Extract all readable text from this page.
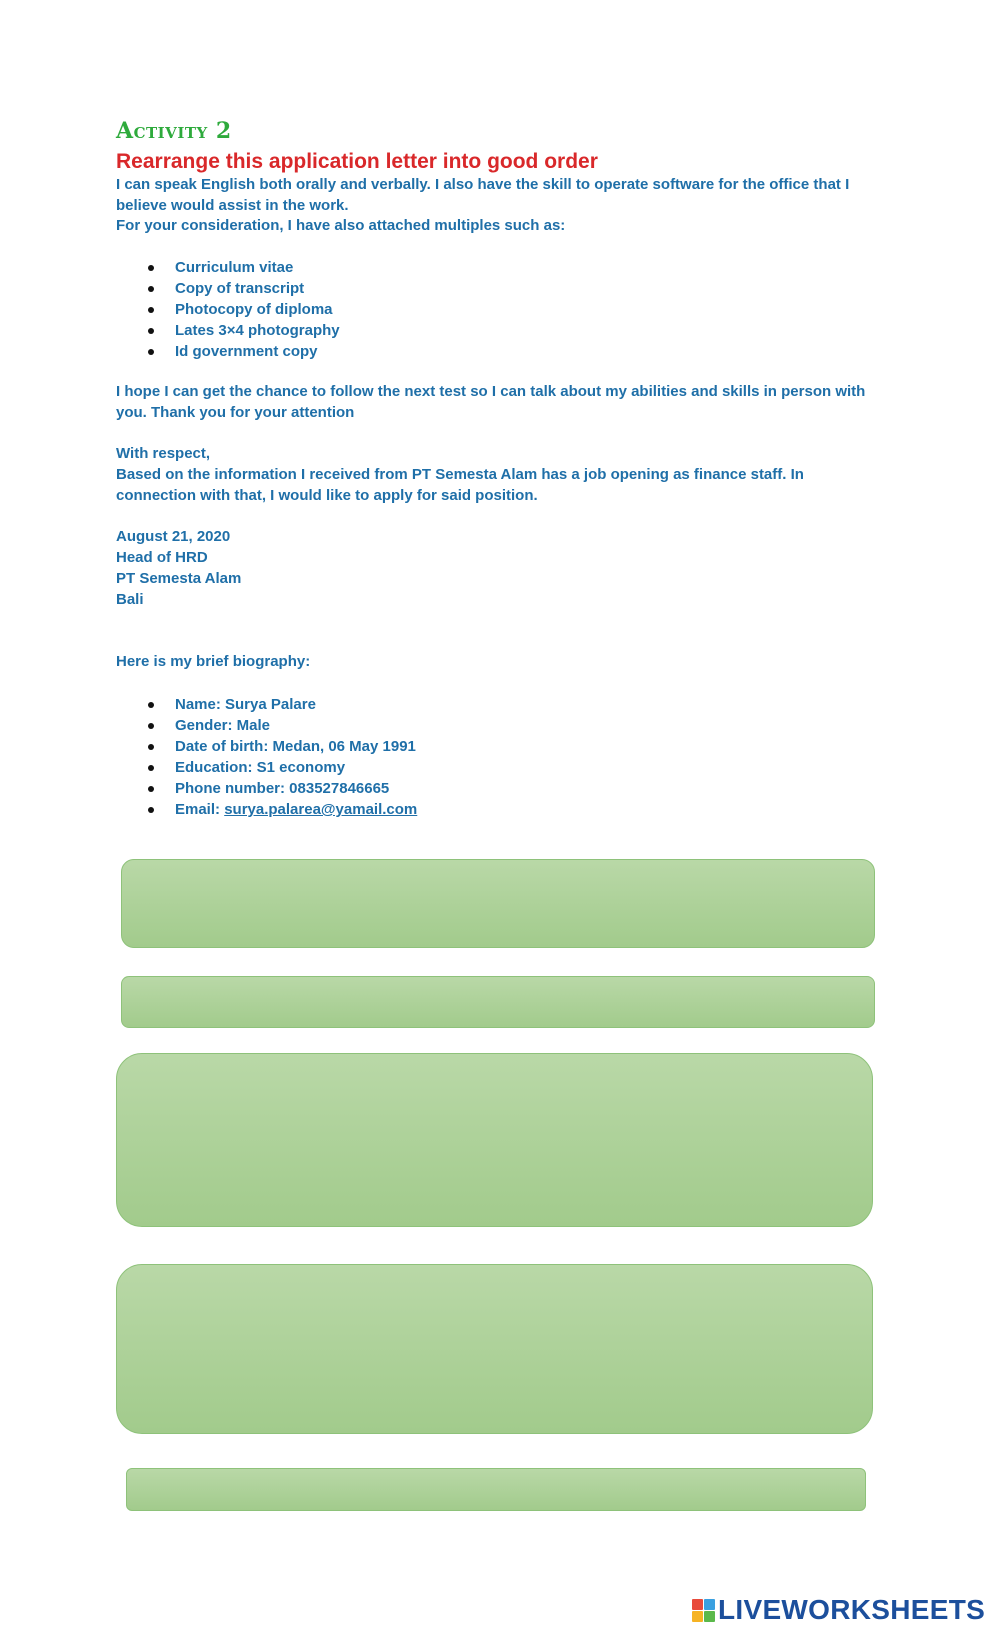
Activity 2
Rearrange this application letter into good order

I can speak English both orally and verbally. I also have the skill to operate software for the office that I believe would assist in the work.

For your consideration, I have also attached multiples such as:

Curriculum vitae
Copy of transcript
Photocopy of diploma
Lates 3×4 photography
Id government copy

I hope I can get the chance to follow the next test so I can talk about my abilities and skills in person with you. Thank you for your attention

With respect,

Based on the information I received from PT Semesta Alam has a job opening as finance staff. In connection with that, I would like to apply for said position.

August 21, 2020

Head of HRD

PT Semesta Alam

Bali

Here is my brief biography:

Name: Surya Palare
Gender: Male
Date of birth: Medan, 06 May 1991
Education: S1 economy
Phone number: 083527846665
Email: surya.palarea@yamail.com
LIVEWORKSHEETS
